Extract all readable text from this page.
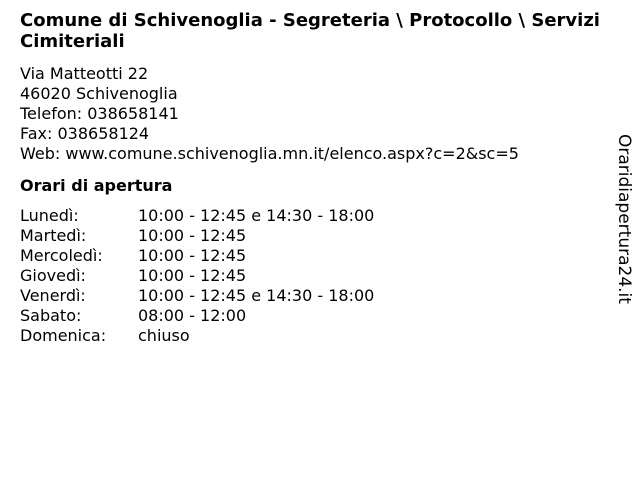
Comune di Schivenoglia - Segreteria \ Protocollo \ Servizi Cimiteriali
Via Matteotti 22
46020 Schivenoglia
Telefon: 038658141
Fax: 038658124
Web: www.comune.schivenoglia.mn.it/elenco.aspx?c=2&sc=5
Orari di apertura
Lunedì:	10:00 - 12:45 e 14:30 - 18:00
Martedì:	10:00 - 12:45
Mercoledì:	10:00 - 12:45
Giovedì:	10:00 - 12:45
Venerdì:	10:00 - 12:45 e 14:30 - 18:00
Sabato:	08:00 - 12:00
Domenica:	chiuso
Oraridiapertura24.it
